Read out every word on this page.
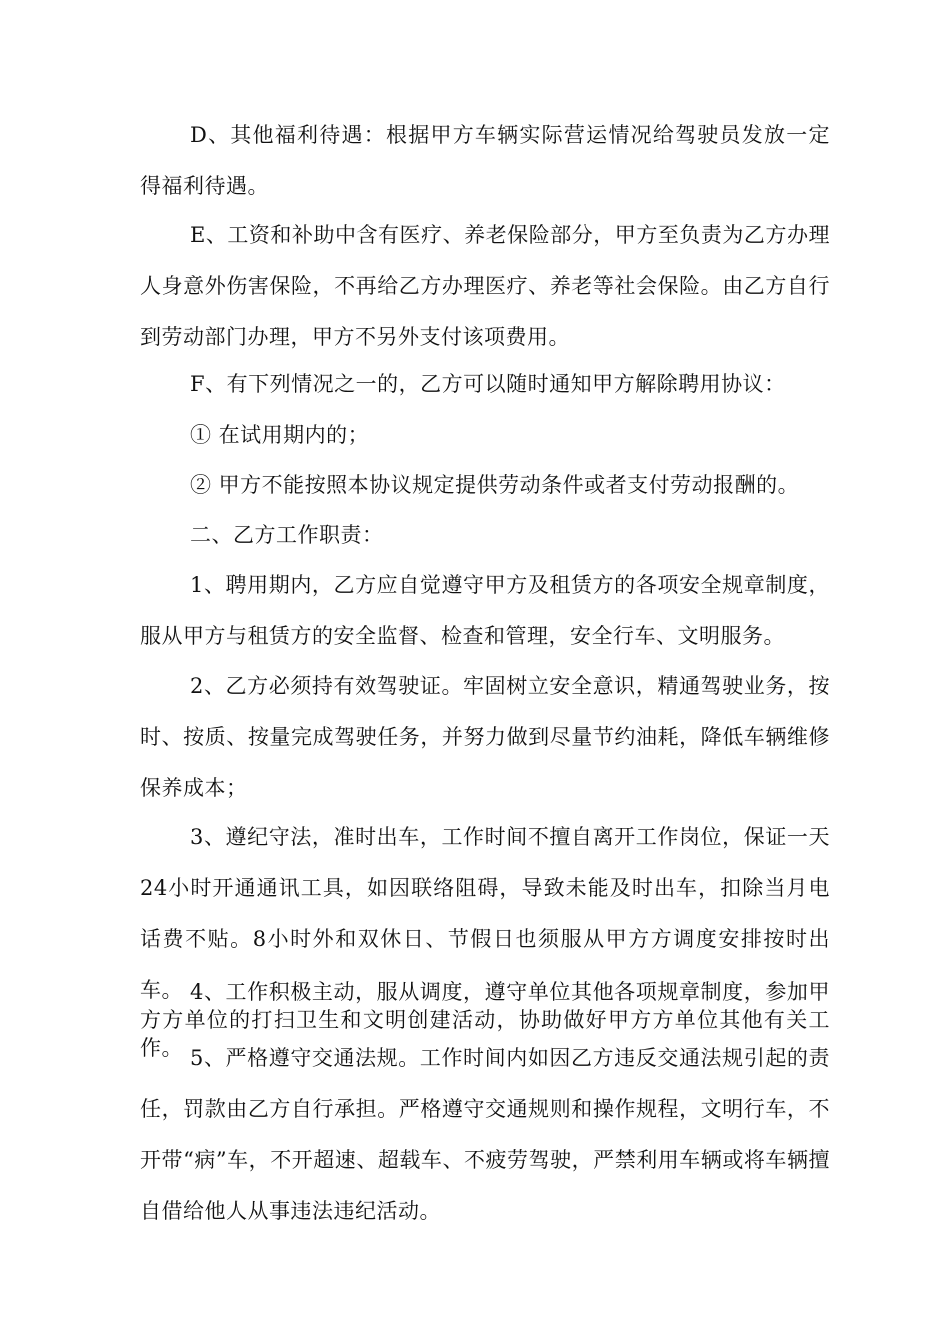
D、其他福利待遇：根据甲方车辆实际营运情况给驾驶员发放一定得福利待遇。

E、工资和补助中含有医疗、养老保险部分，甲方至负责为乙方办理人身意外伤害保险，不再给乙方办理医疗、养老等社会保险。由乙方自行到劳动部门办理，甲方不另外支付该项费用。

F、有下列情况之一的，乙方可以随时通知甲方解除聘用协议：

① 在试用期内的；

② 甲方不能按照本协议规定提供劳动条件或者支付劳动报酬的。

二、乙方工作职责：

1、聘用期内，乙方应自觉遵守甲方及租赁方的各项安全规章制度，服从甲方与租赁方的安全监督、检查和管理，安全行车、文明服务。

2、乙方必须持有效驾驶证。牢固树立安全意识，精通驾驶业务，按时、按质、按量完成驾驶任务，并努力做到尽量节约油耗，降低车辆维修保养成本；

3、遵纪守法，准时出车，工作时间不擅自离开工作岗位，保证一天24小时开通通讯工具，如因联络阻碍，导致未能及时出车，扣除当月电话费不贴。8小时外和双休日、节假日也须服从甲方方调度安排按时出车。 4、工作积极主动，服从调度，遵守单位其他各项规章制度，参加甲方方单位的打扫卫生和文明创建活动，协助做好甲方方单位其他有关工作。 5、严格遵守交通法规。工作时间内如因乙方违反交通法规引起的责任，罚款由乙方自行承担。严格遵守交通规则和操作规程，文明行车，不开带“病”车，不开超速、超载车、不疲劳驾驶，严禁利用车辆或将车辆擅自借给他人从事违法违纪活动。
